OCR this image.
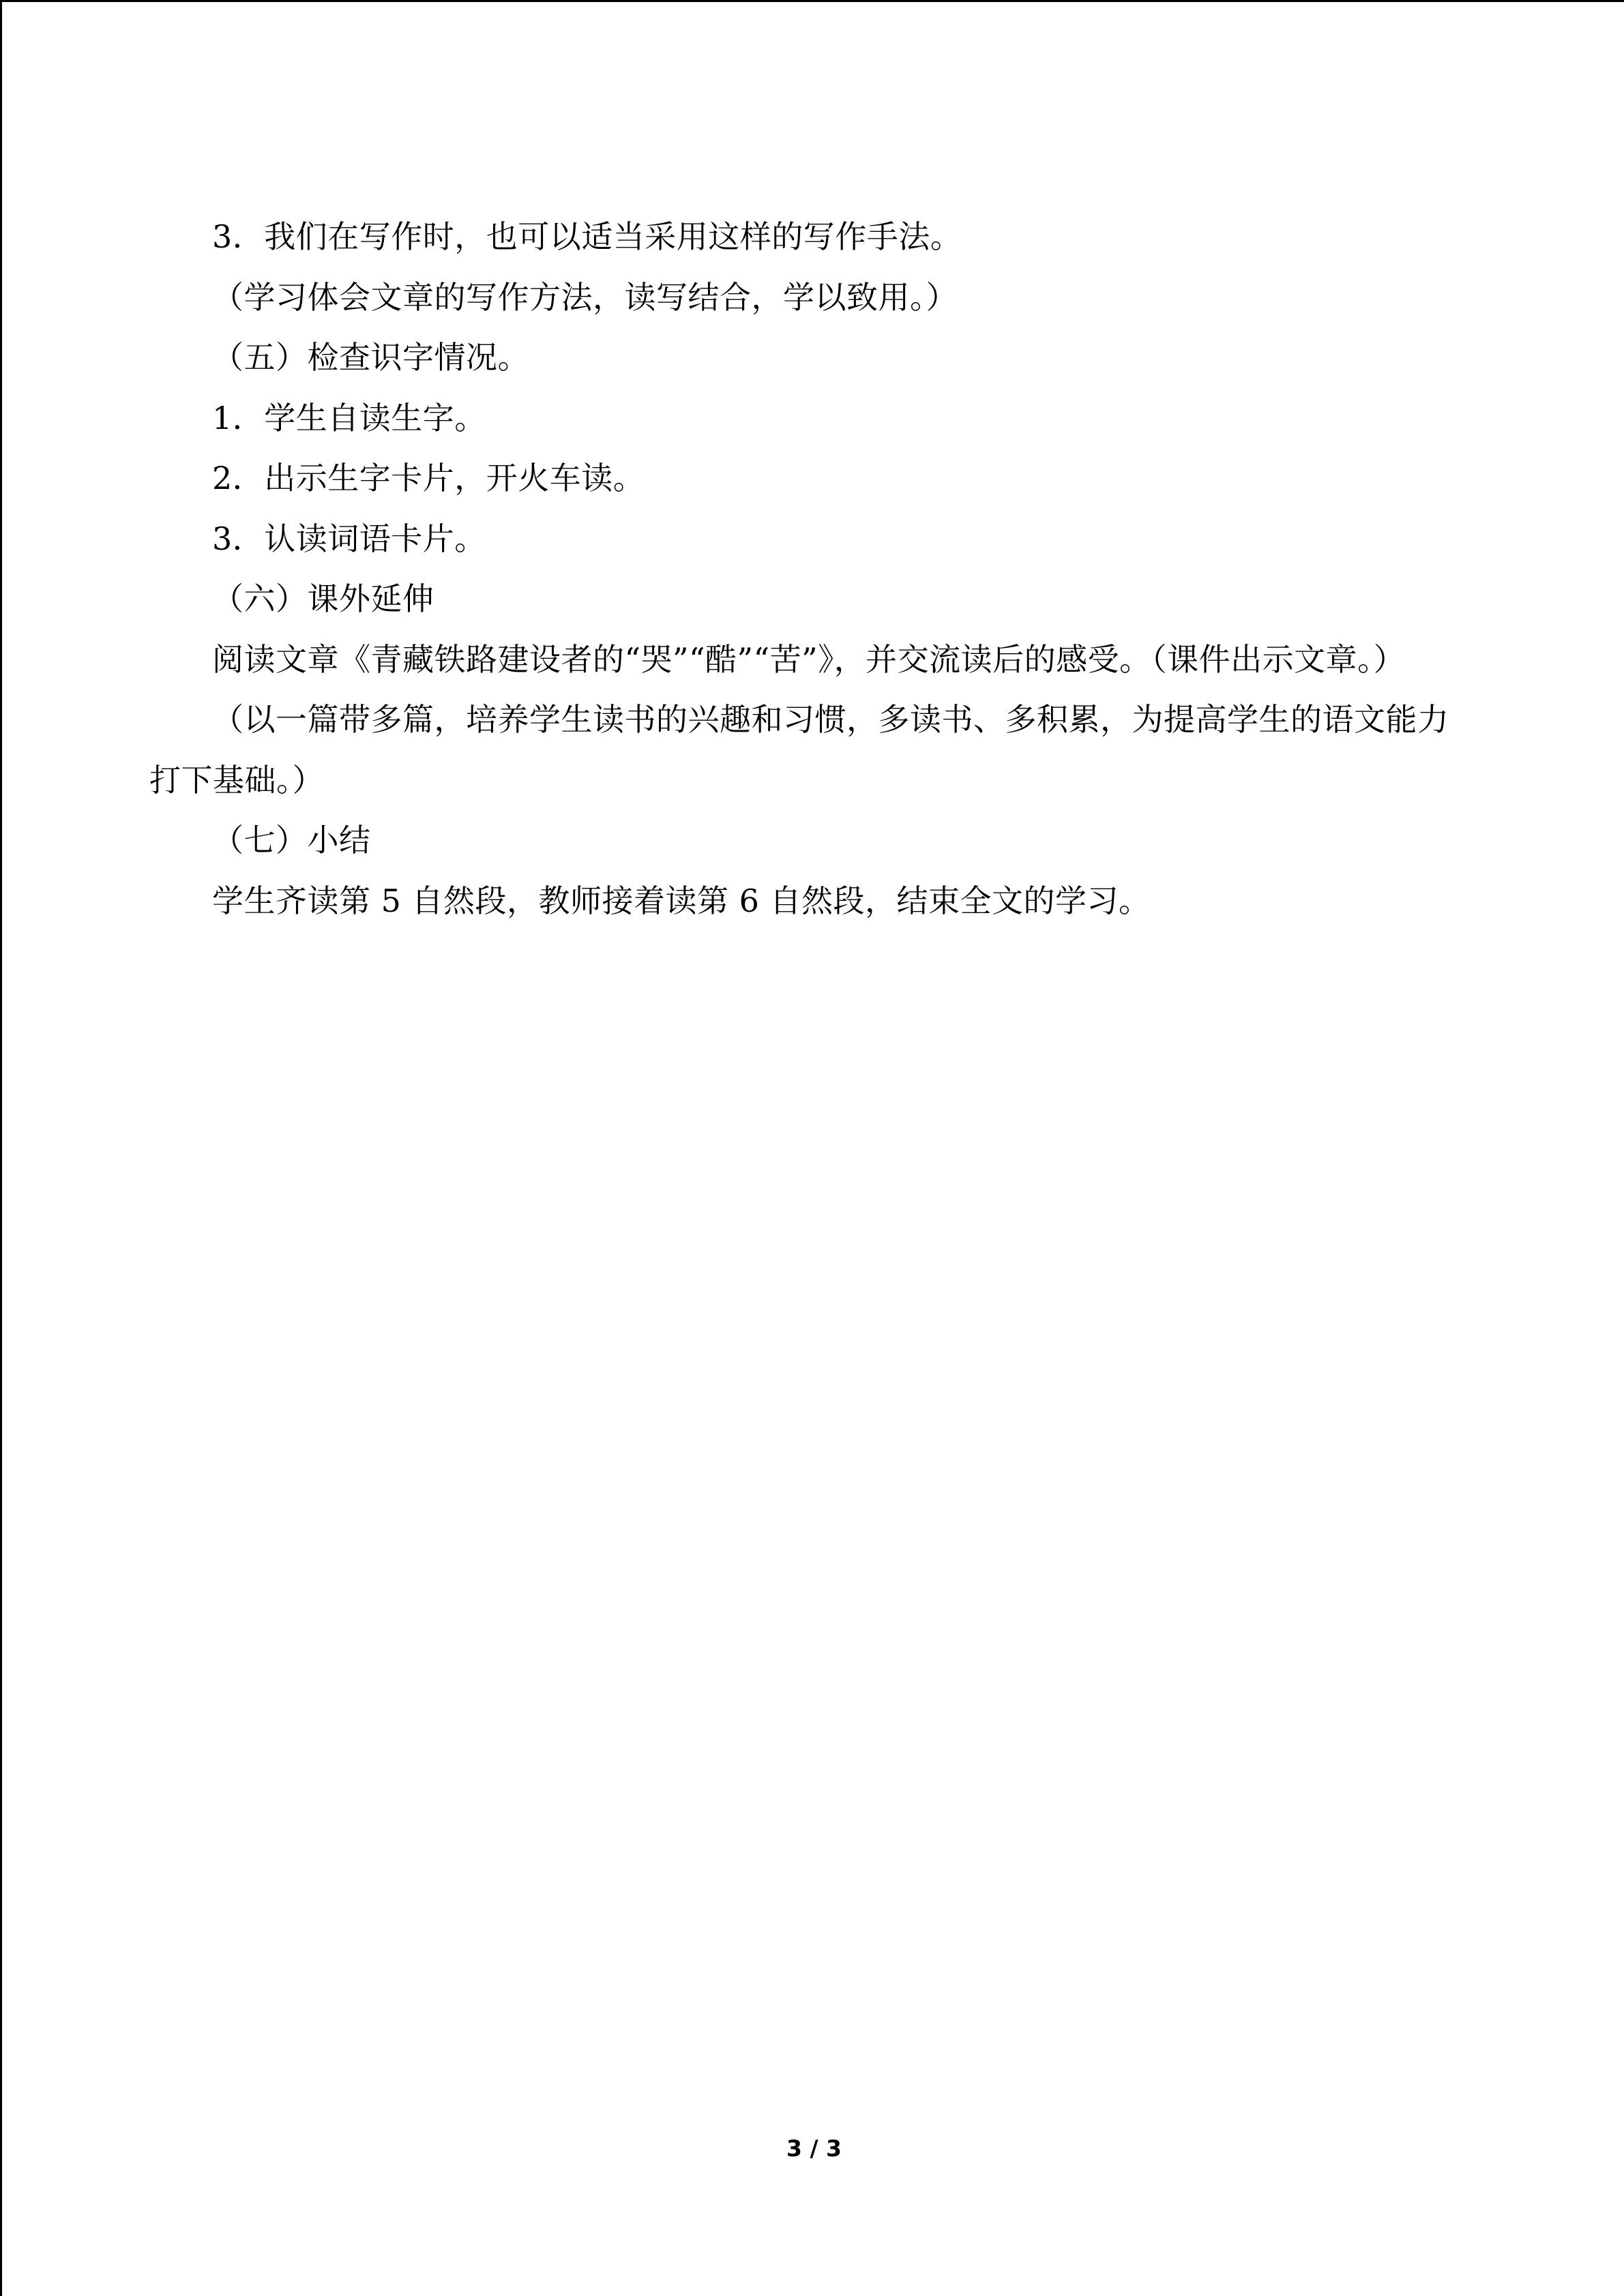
3．我们在写作时，也可以适当采用这样的写作手法。

（学习体会文章的写作方法，读写结合，学以致用。）

（五）检查识字情况。

1．学生自读生字。

2．出示生字卡片，开火车读。

3．认读词语卡片。

（六）课外延伸

阅读文章《青藏铁路建设者的“哭”“酷”“苦”》，并交流读后的感受。（课件出示文章。）

（以一篇带多篇，培养学生读书的兴趣和习惯，多读书、多积累，为提高学生的语文能力打下基础。）

（七）小结

学生齐读第 5 自然段，教师接着读第 6 自然段，结束全文的学习。

3 / 3
